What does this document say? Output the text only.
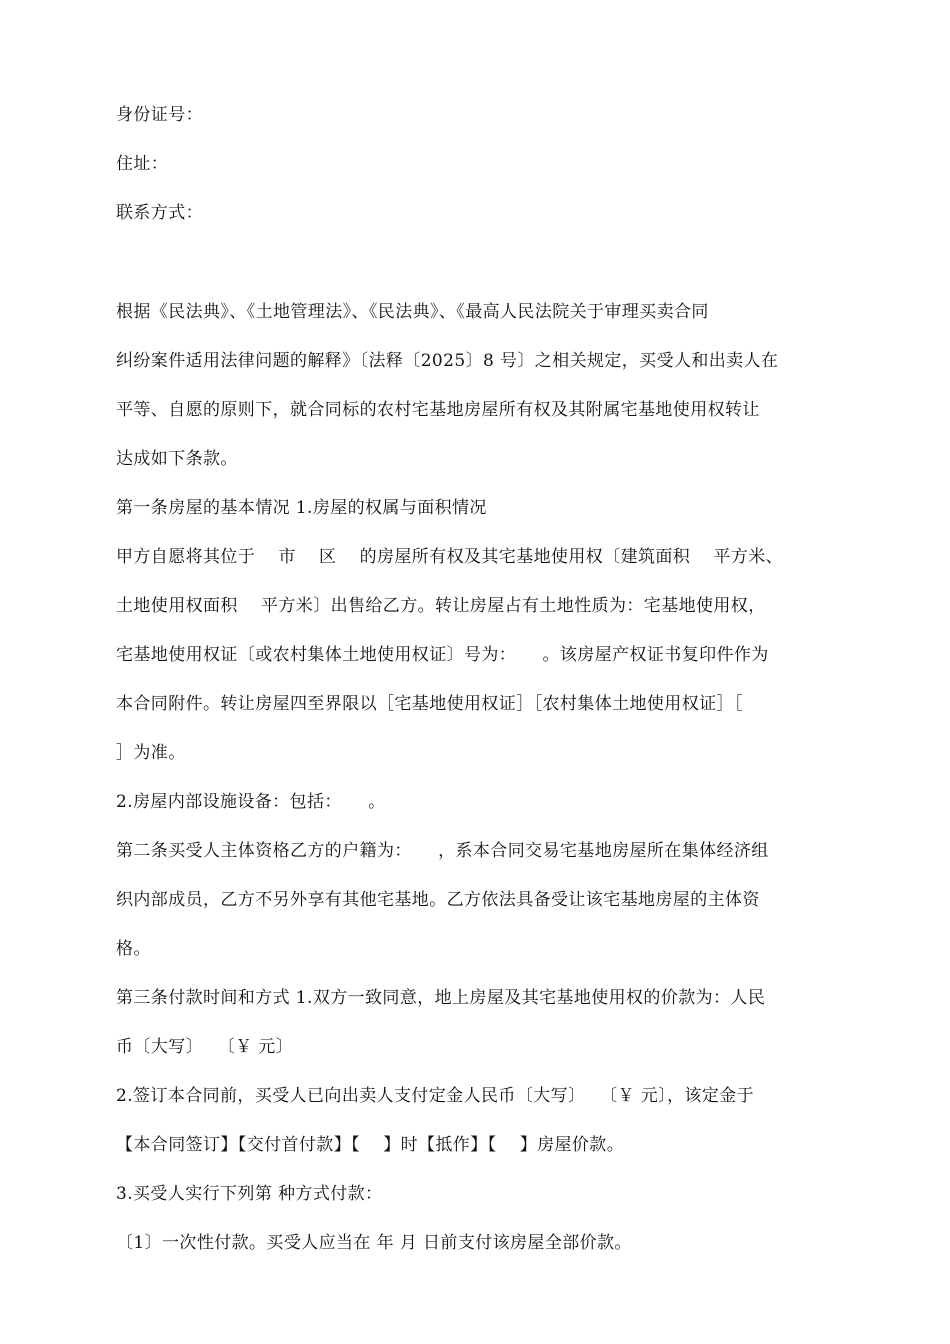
身份证号：
住址：
联系方式：
根据《民法典》、《土地管理法》、《民法典》、《最高人民法院关于审理买卖合同
纠纷案件适用法律问题的解释》〔法释〔2025〕8 号〕之相关规定，买受人和出卖人在
平等、自愿的原则下，就合同标的农村宅基地房屋所有权及其附属宅基地使用权转让
达成如下条款。
第一条房屋的基本情况 1.房屋的权属与面积情况
甲方自愿将其位于　 市　 区　 的房屋所有权及其宅基地使用权〔建筑面积　 平方米、
土地使用权面积　 平方米〕出售给乙方。转让房屋占有土地性质为：宅基地使用权，
宅基地使用权证〔或农村集体土地使用权证〕号为：　　。该房屋产权证书复印件作为
本合同附件。转让房屋四至界限以［宅基地使用权证］［农村集体土地使用权证］［
］为准。
2.房屋内部设施设备：包括：　　。
第二条买受人主体资格乙方的户籍为：　　，系本合同交易宅基地房屋所在集体经济组
织内部成员，乙方不另外享有其他宅基地。乙方依法具备受让该宅基地房屋的主体资
格。
第三条付款时间和方式 1.双方一致同意，地上房屋及其宅基地使用权的价款为：人民
币〔大写〕　 〔￥ 元〕
2.签订本合同前，买受人已向出卖人支付定金人民币〔大写〕　 〔￥ 元〕，该定金于
【本合同签订】【交付首付款】【　 】时【抵作】【　 】房屋价款。
3.买受人实行下列第 种方式付款：
〔1〕一次性付款。买受人应当在 年 月 日前支付该房屋全部价款。
